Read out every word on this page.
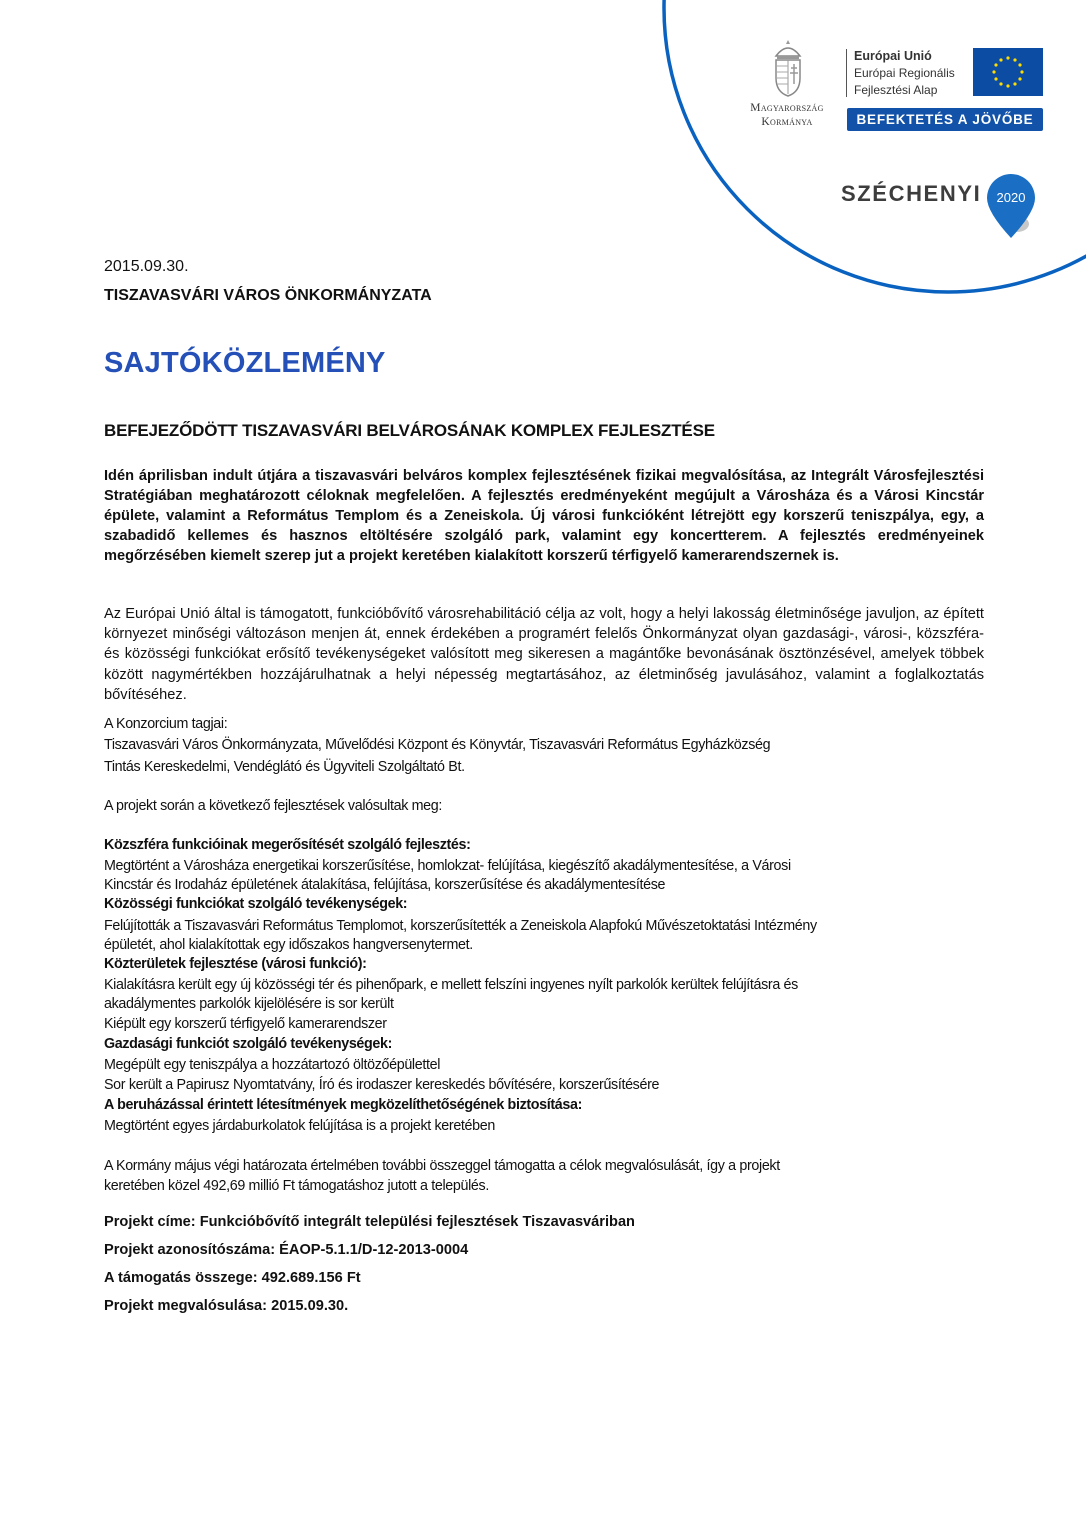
Magyarország
Kormánya
Európai Unió
Európai Regionális
Fejlesztési Alap
BEFEKTETÉS A JÖVŐBE
SZÉCHENYI 2020
2015.09.30.
TISZAVASVÁRI VÁROS ÖNKORMÁNYZATA
SAJTÓKÖZLEMÉNY
BEFEJEZŐDÖTT TISZAVASVÁRI BELVÁROSÁNAK KOMPLEX FEJLESZTÉSE
Idén áprilisban indult útjára a tiszavasvári belváros komplex fejlesztésének fizikai megvalósítása, az Integrált Városfejlesztési Stratégiában meghatározott céloknak megfelelően. A fejlesztés eredményeként megújult a Városháza és a Városi Kincstár épülete, valamint a Református Templom és a Zeneiskola. Új városi funkcióként létrejött egy korszerű teniszpálya, egy, a szabadidő kellemes és hasznos eltöltésére szolgáló park, valamint egy koncertterem. A fejlesztés eredményeinek megőrzésében kiemelt szerep jut a projekt keretében kialakított korszerű térfigyelő kamerarendszernek is.
Az Európai Unió által is támogatott, funkcióbővítő városrehabilitáció célja az volt, hogy a helyi lakosság életminősége javuljon, az épített környezet minőségi változáson menjen át, ennek érdekében a programért felelős Önkormányzat olyan gazdasági-, városi-, közszféra- és közösségi funkciókat erősítő tevékenységeket valósított meg sikeresen a magántőke bevonásának ösztönzésével, amelyek többek között nagymértékben hozzájárulhatnak a helyi népesség megtartásához, az életminőség javulásához, valamint a foglalkoztatás bővítéséhez.
A Konzorcium tagjai:
Tiszavasvári Város Önkormányzata, Művelődési Központ és Könyvtár, Tiszavasvári Református Egyházközség
Tintás Kereskedelmi, Vendéglátó és Ügyviteli Szolgáltató Bt.
A projekt során a következő fejlesztések valósultak meg:
Közszféra funkcióinak megerősítését szolgáló fejlesztés:
Megtörtént a Városháza energetikai korszerűsítése, homlokzat- felújítása, kiegészítő akadálymentesítése, a Városi
Kincstár és Irodaház épületének átalakítása, felújítása, korszerűsítése és akadálymentesítése
Közösségi funkciókat szolgáló tevékenységek:
Felújították a Tiszavasvári Református Templomot, korszerűsítették a Zeneiskola Alapfokú Művészetoktatási Intézmény
épületét, ahol kialakítottak egy időszakos hangversenytermet.
Közterületek fejlesztése (városi funkció):
Kialakításra került egy új közösségi tér és pihenőpark, e mellett felszíni ingyenes nyílt parkolók kerültek felújításra és
akadálymentes parkolók kijelölésére is sor került
Kiépült egy korszerű térfigyelő kamerarendszer
Gazdasági funkciót szolgáló tevékenységek:
Megépült egy teniszpálya a hozzátartozó öltözőépülettel
Sor került a Papirusz Nyomtatvány, Író és irodaszer kereskedés bővítésére, korszerűsítésére
A beruházással érintett létesítmények megközelíthetőségének biztosítása:
Megtörtént egyes járdaburkolatok felújítása is a projekt keretében
A Kormány május végi határozata értelmében további összeggel támogatta a célok megvalósulását, így a projekt
keretében közel 492,69 millió Ft támogatáshoz jutott a település.
Projekt címe: Funkcióbővítő integrált települési fejlesztések Tiszavasváriban
Projekt azonosítószáma: ÉAOP-5.1.1/D-12-2013-0004
A támogatás összege: 492.689.156 Ft
Projekt megvalósulása: 2015.09.30.
